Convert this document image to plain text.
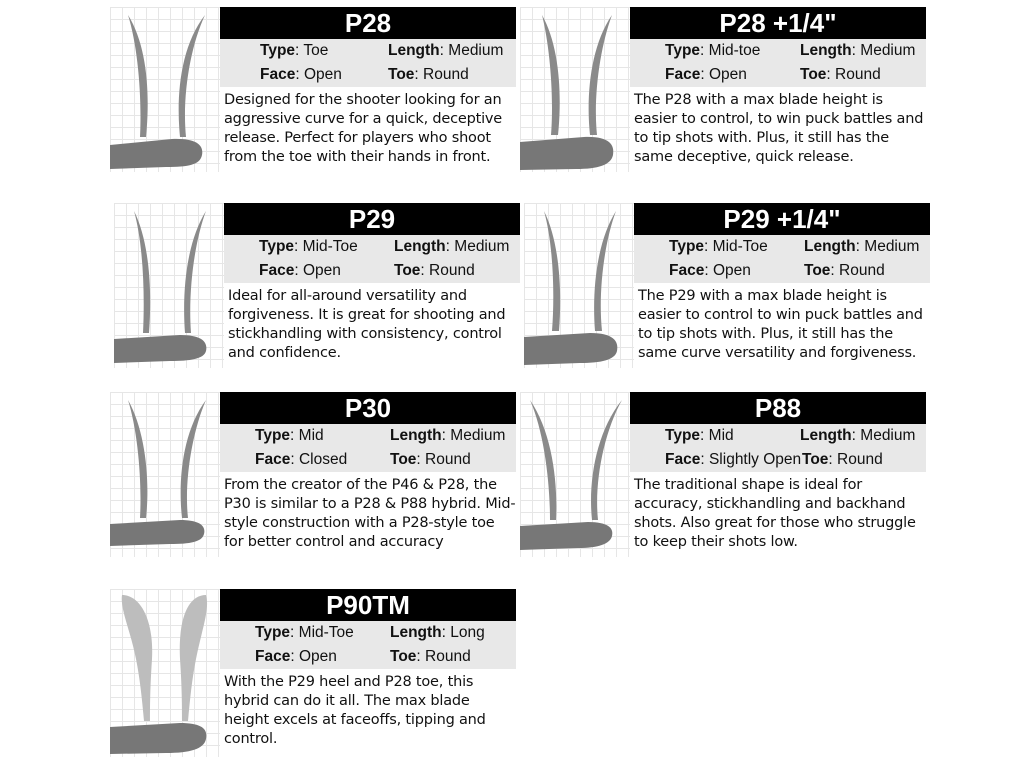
P28
Type: Toe	Length: Medium
Face: Open	Toe: Round
Designed for the shooter looking for an aggressive curve for a quick, deceptive release. Perfect for players who shoot from the toe with their hands in front.
P28 +1/4"
Type: Mid-toe	Length: Medium
Face: Open	Toe: Round
The P28 with a max blade height is easier to control, to win puck battles and to tip shots with. Plus, it still has the same deceptive, quick release.
P29
Type: Mid-Toe Length: Medium
Face: Open	Toe: Round
Ideal for all-around versatility and forgiveness. It is great for shooting and stickhandling with consistency, control and confidence.
P29 +1/4"
Type: Mid-Toe Length: Medium
Face: Open	Toe: Round
The P29 with a max blade height is easier to control to win puck battles and to tip shots with. Plus, it still has the same curve versatility and forgiveness.
P30
Type: Mid	Length: Medium
Face: Closed	Toe: Round
From the creator of the P46 & P28, the P30 is similar to a P28 & P88 hybrid. Mid-style construction with a P28-style toe for better control and accuracy
P88
Type: Mid	Length: Medium
Face: Slightly Open Toe: Round
The traditional shape is ideal for accuracy, stickhandling and backhand shots. Also great for those who struggle to keep their shots low.
P90TM
Type: Mid-Toe Length: Long
Face: Open	Toe: Round
With the P29 heel and P28 toe, this hybrid can do it all. The max blade height excels at faceoffs, tipping and control.
